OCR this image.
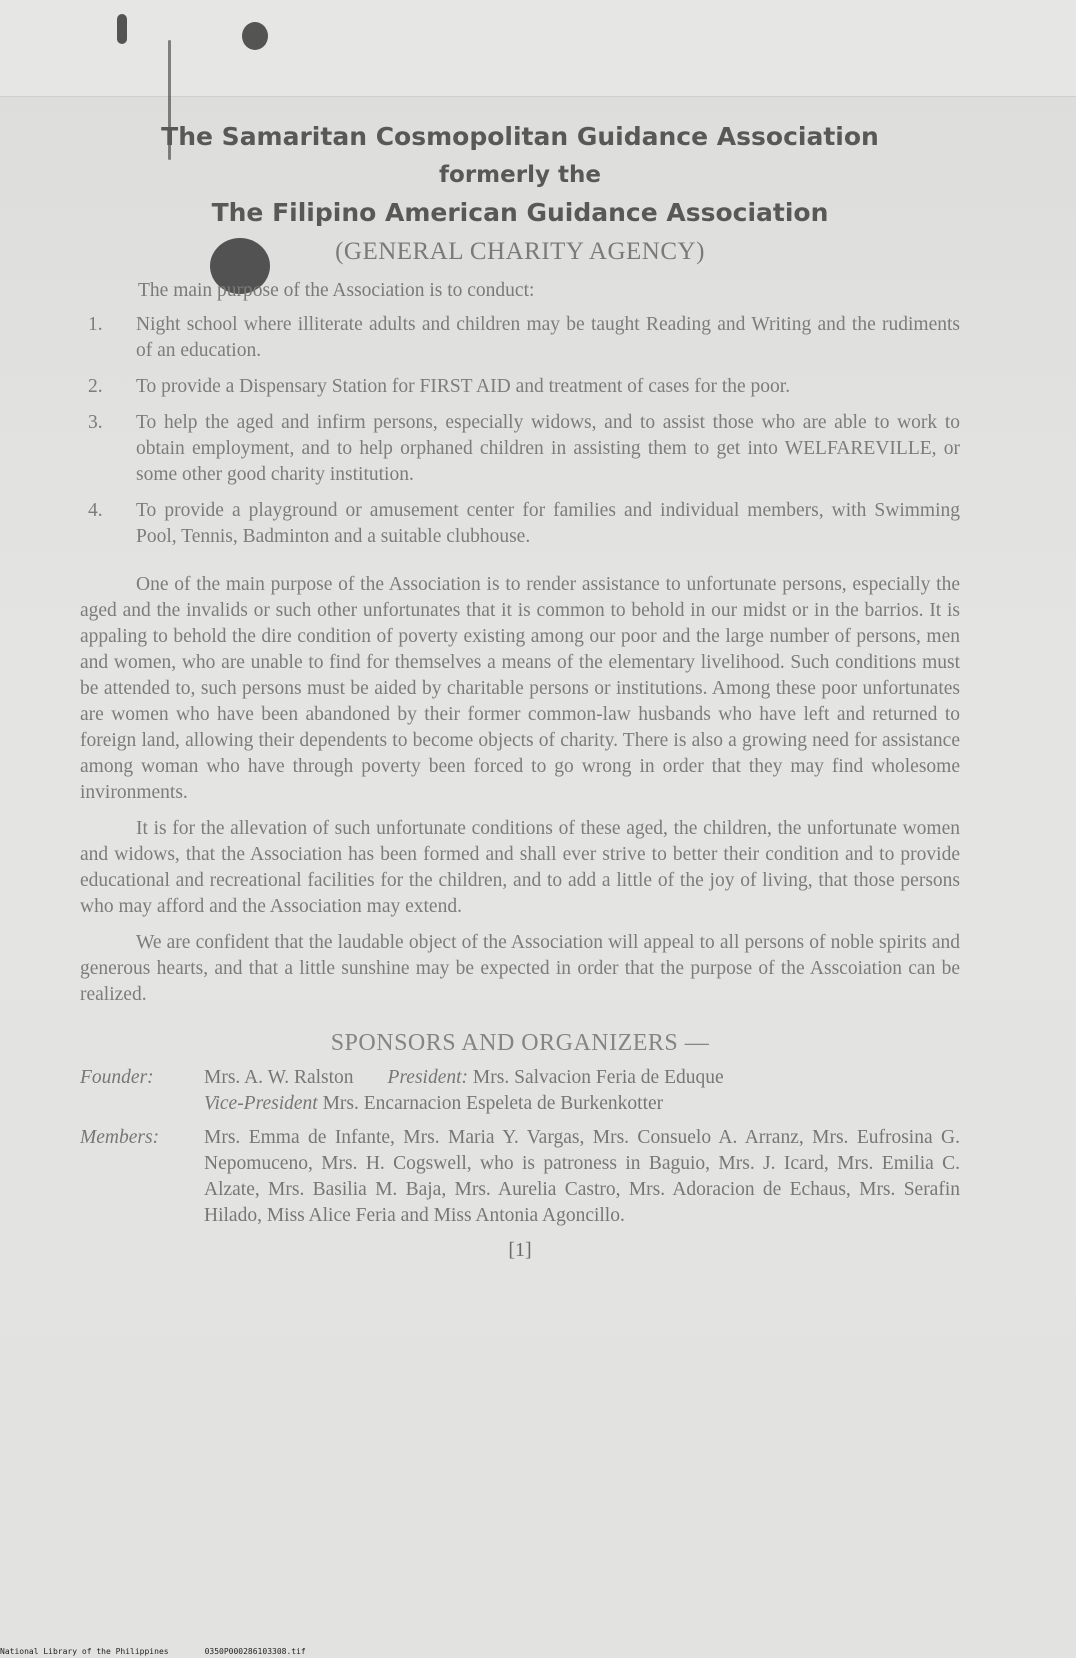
The Samaritan Cosmopolitan Guidance Association
formerly the
The Filipino American Guidance Association
(GENERAL CHARITY AGENCY)
The main purpose of the Association is to conduct:
1.	Night school where illiterate adults and children may be taught Reading and Writing and the rudiments of an education.
2.	To provide a Dispensary Station for FIRST AID and treatment of cases for the poor.
3.	To help the aged and infirm persons, especially widows, and to assist those who are able to work to obtain employment, and to help orphaned children in assisting them to get into WELFAREVILLE, or some other good charity institution.
4.	To provide a playground or amusement center for families and individual members, with Swimming Pool, Tennis, Badminton and a suitable clubhouse.

One of the main purpose of the Association is to render assistance to unfortunate persons, especially the aged and the invalids or such other unfortunates that it is common to behold in our midst or in the barrios. It is appaling to behold the dire condition of poverty existing among our poor and the large number of persons, men and women, who are unable to find for themselves a means of the elementary livelihood. Such conditions must be attended to, such persons must be aided by charitable persons or institutions. Among these poor unfortunates are women who have been abandoned by their former common-law husbands who have left and returned to foreign land, allowing their dependents to become objects of charity. There is also a growing need for assistance among woman who have through poverty been forced to go wrong in order that they may find wholesome invironments.

It is for the allevation of such unfortunate conditions of these aged, the children, the unfortunate women and widows, that the Association has been formed and shall ever strive to better their condition and to provide educational and recreational facilities for the children, and to add a little of the joy of living, that those persons who may afford and the Association may extend.

We are confident that the laudable object of the Association will appeal to all persons of noble spirits and generous hearts, and that a little sunshine may be expected in order that the purpose of the Asscoiation can be realized.

SPONSORS AND ORGANIZERS —
Founder:	Mrs. A. W. Ralston President: Mrs. Salvacion Feria de Eduque
Vice-President Mrs. Encarnacion Espeleta de Burkenkotter
Members:	Mrs. Emma de Infante, Mrs. Maria Y. Vargas, Mrs. Consuelo A. Arranz, Mrs. Eufrosina G. Nepomuceno, Mrs. H. Cogswell, who is patroness in Baguio, Mrs. J. Icard, Mrs. Emilia C. Alzate, Mrs. Basilia M. Baja, Mrs. Aurelia Castro, Mrs. Adoracion de Echaus, Mrs. Serafin Hilado, Miss Alice Feria and Miss Antonia Agoncillo.
[1]
National Library of the Philippines	0350P000286103308.tif
